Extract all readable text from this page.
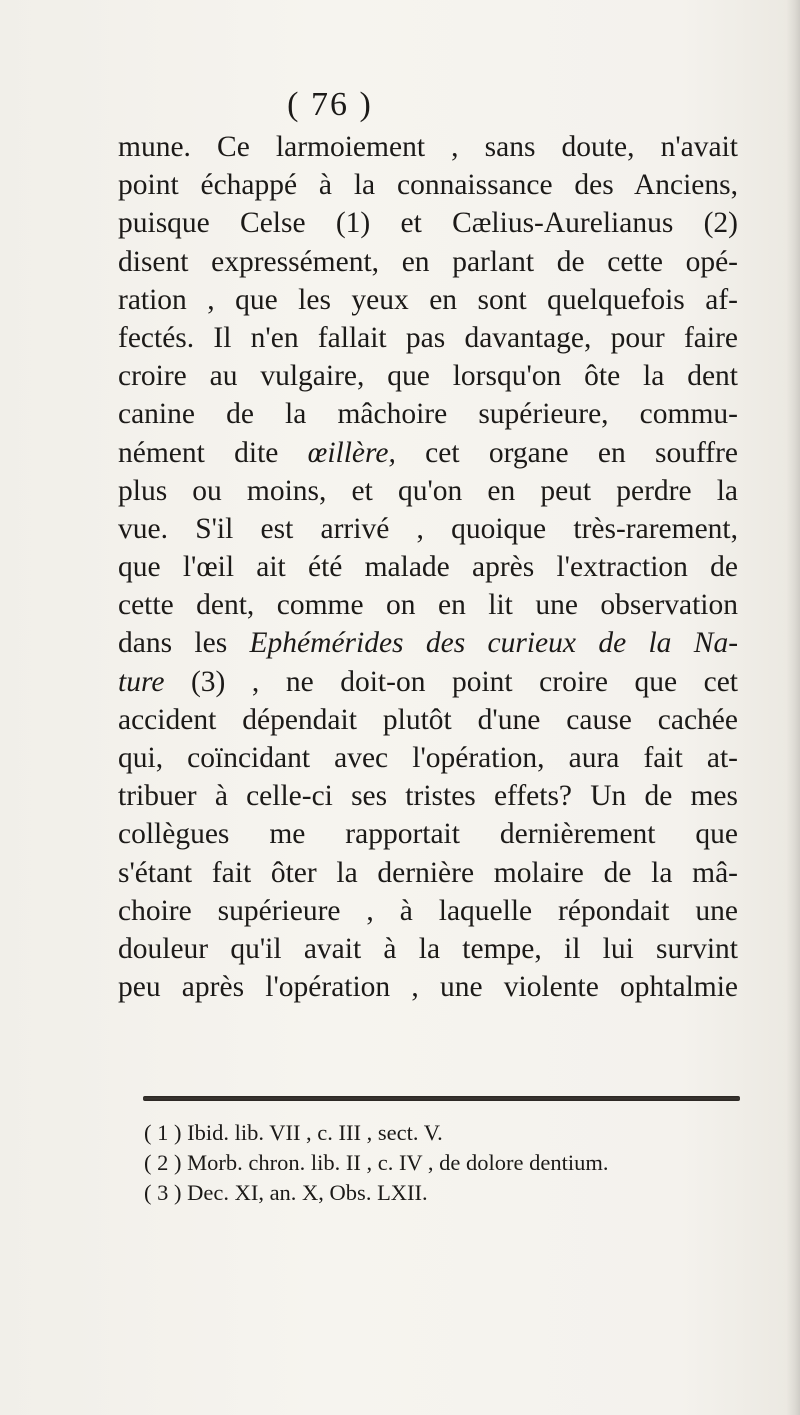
( 76 )
mune. Ce larmoiement , sans doute, n'avait
point échappé à la connaissance des Anciens,
puisque Celse (1) et Cælius-Aurelianus (2)
disent expressément, en parlant de cette opé-
ration , que les yeux en sont quelquefois af-
fectés. Il n'en fallait pas davantage, pour faire
croire au vulgaire, que lorsqu'on ôte la dent
canine de la mâchoire supérieure, commu-
nément dite œillère, cet organe en souffre
plus ou moins, et qu'on en peut perdre la
vue. S'il est arrivé , quoique très-rarement,
que l'œil ait été malade après l'extraction de
cette dent, comme on en lit une observation
dans les Ephémérides des curieux de la Na-
ture (3) , ne doit-on point croire que cet
accident dépendait plutôt d'une cause cachée
qui, coïncidant avec l'opération, aura fait at-
tribuer à celle-ci ses tristes effets? Un de mes
collègues me rapportait dernièrement que
s'étant fait ôter la dernière molaire de la mâ-
choire supérieure , à laquelle répondait une
douleur qu'il avait à la tempe, il lui survint
peu après l'opération , une violente ophtalmie
( 1 ) Ibid. lib. VII , c. III , sect. V.
( 2 ) Morb. chron. lib. II , c. IV , de dolore dentium.
( 3 ) Dec. XI, an. X, Obs. LXII.
